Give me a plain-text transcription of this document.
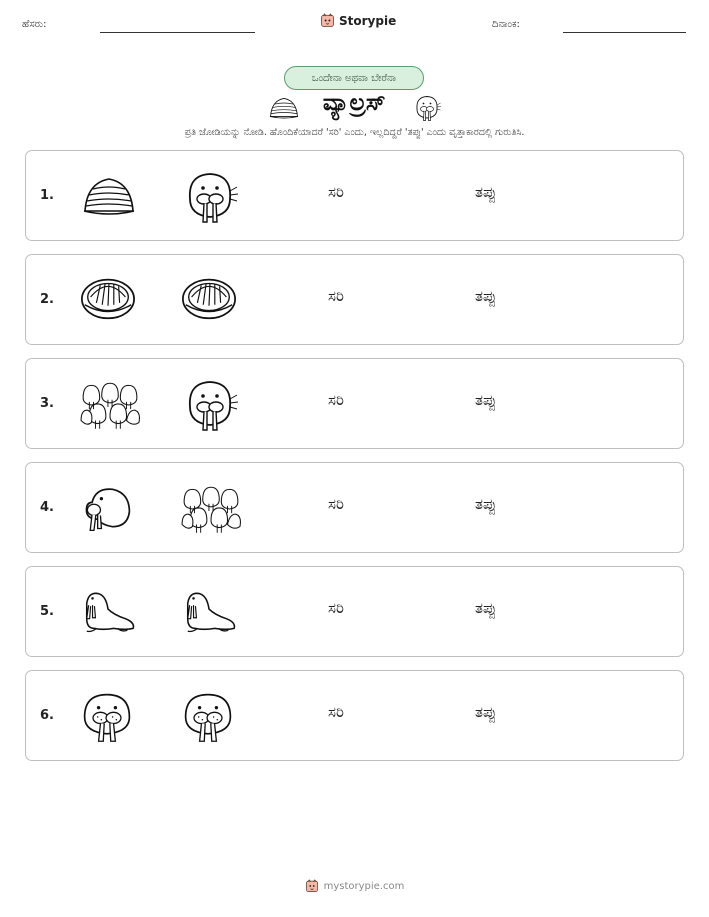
ಹೆಸರು:	Storypie	ದಿನಾಂಕ:
ಒಂದೇನಾ ಅಥವಾ ಬೇರೆನಾ
ವ್ಯಾಲ್ರಸ್
ಪ್ರತಿ ಜೋಡಿಯನ್ನು ನೋಡಿ. ಹೊಂದಿಕೆಯಾದರೆ 'ಸರಿ' ಎಂದು, ಇಲ್ಲದಿದ್ದರೆ 'ತಪ್ಪು' ಎಂದು ವೃತ್ತಾಕಾರದಲ್ಲಿ ಗುರುತಿಸಿ.
1.	ಸರಿ	ತಪ್ಪು
2.	ಸರಿ	ತಪ್ಪು
3.	ಸರಿ	ತಪ್ಪು
4.	ಸರಿ	ತಪ್ಪು
5.	ಸರಿ	ತಪ್ಪು
6.	ಸರಿ	ತಪ್ಪು
mystorypie.com
